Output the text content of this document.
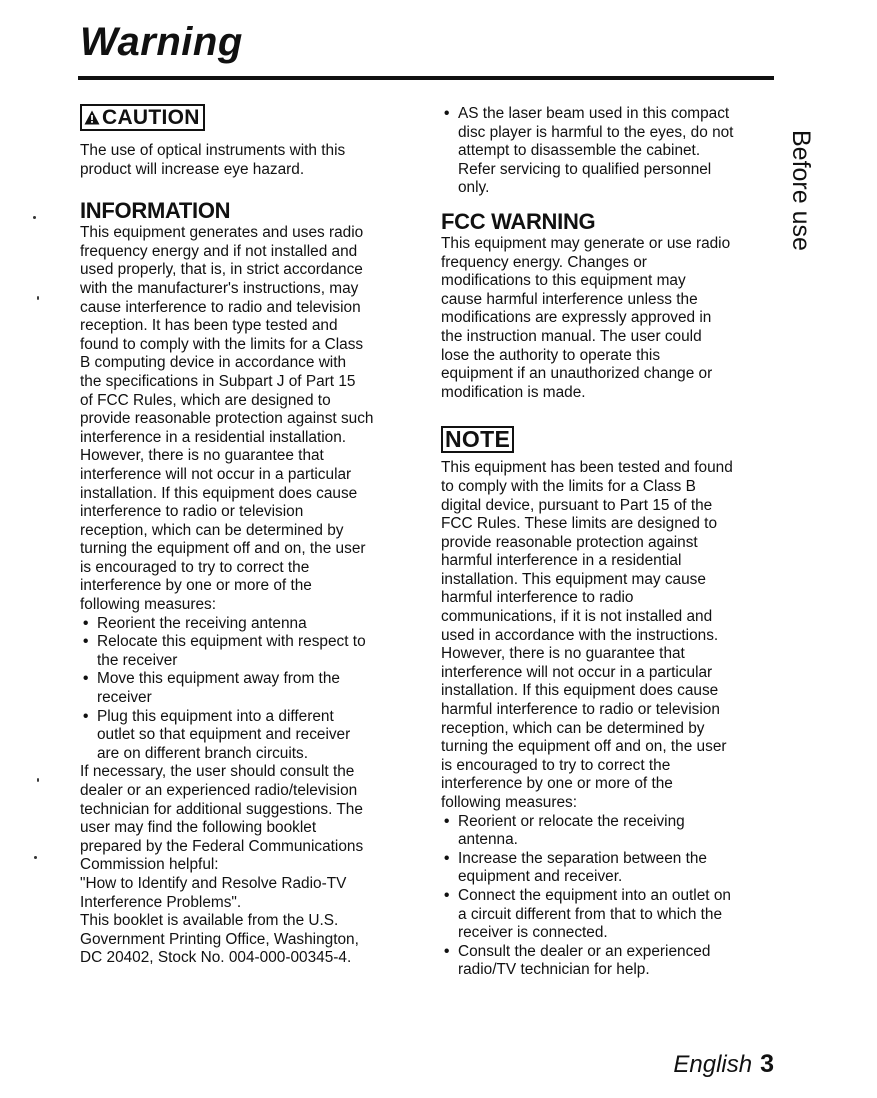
Warning
CAUTION

The use of optical instruments with this
product will increase eye hazard.

INFORMATION

This equipment generates and uses radio
frequency energy and if not installed and
used properly, that is, in strict accordance
with the manufacturer's instructions, may
cause interference to radio and television
reception. It has been type tested and
found to comply with the limits for a Class
B computing device in accordance with
the specifications in Subpart J of Part 15
of FCC Rules, which are designed to
provide reasonable protection against such
interference in a residential installation.
However, there is no guarantee that
interference will not occur in a particular
installation. If this equipment does cause
interference to radio or television
reception, which can be determined by
turning the equipment off and on, the user
is encouraged to try to correct the
interference by one or more of the
following measures:

• Reorient the receiving antenna
• Relocate this equipment with respect to
the receiver
• Move this equipment away from the
receiver
• Plug this equipment into a different
outlet so that equipment and receiver
are on different branch circuits.

If necessary, the user should consult the
dealer or an experienced radio/television
technician for additional suggestions. The
user may find the following booklet
prepared by the Federal Communications
Commission helpful:
"How to Identify and Resolve Radio-TV
Interference Problems".
This booklet is available from the U.S.
Government Printing Office, Washington,
DC 20402, Stock No. 004-000-00345-4.

• AS the laser beam used in this compact
disc player is harmful to the eyes, do not
attempt to disassemble the cabinet.
Refer servicing to qualified personnel
only.
FCC WARNING

This equipment may generate or use radio
frequency energy. Changes or
modifications to this equipment may
cause harmful interference unless the
modifications are expressly approved in
the instruction manual. The user could
lose the authority to operate this
equipment if an unauthorized change or
modification is made.

NOTE

This equipment has been tested and found
to comply with the limits for a Class B
digital device, pursuant to Part 15 of the
FCC Rules. These limits are designed to
provide reasonable protection against
harmful interference in a residential
installation. This equipment may cause
harmful interference to radio
communications, if it is not installed and
used in accordance with the instructions.
However, there is no guarantee that
interference will not occur in a particular
installation. If this equipment does cause
harmful interference to radio or television
reception, which can be determined by
turning the equipment off and on, the user
is encouraged to try to correct the
interference by one or more of the
following measures:

• Reorient or relocate the receiving
antenna.
• Increase the separation between the
equipment and receiver.
• Connect the equipment into an outlet on
a circuit different from that to which the
receiver is connected.
• Consult the dealer or an experienced
radio/TV technician for help.
Before use
English 3
